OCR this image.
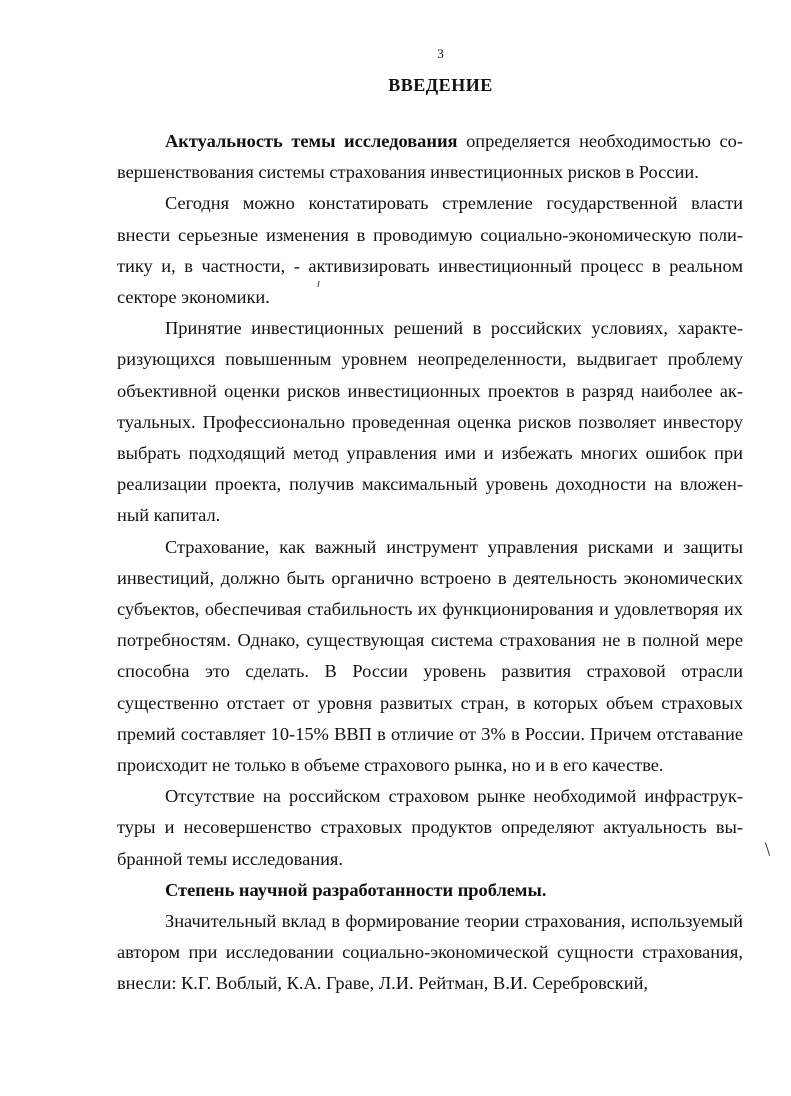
3
ВВЕДЕНИЕ

Актуальность темы исследования определяется необходимостью совершенствования системы страхования инвестиционных рисков в России.

Сегодня можно констатировать стремление государственной власти внести серьезные изменения в проводимую социально-экономическую политику и, в частности, - активизировать инвестиционный процесс в реальном секторе экономики.

Принятие инвестиционных решений в российских условиях, характеризующихся повышенным уровнем неопределенности, выдвигает проблему объективной оценки рисков инвестиционных проектов в разряд наиболее актуальных. Профессионально проведенная оценка рисков позволяет инвестору выбрать подходящий метод управления ими и избежать многих ошибок при реализации проекта, получив максимальный уровень доходности на вложенный капитал.

Страхование, как важный инструмент управления рисками и защиты инвестиций, должно быть органично встроено в деятельность экономических субъектов, обеспечивая стабильность их функционирования и удовлетворяя их потребностям. Однако, существующая система страхования не в полной мере способна это сделать. В России уровень развития страховой отрасли существенно отстает от уровня развитых стран, в которых объем страховых премий составляет 10-15% ВВП в отличие от 3% в России. Причем отставание происходит не только в объеме страхового рынка, но и в его качестве.

Отсутствие на российском страховом рынке необходимой инфраструктуры и несовершенство страховых продуктов определяют актуальность выбранной темы исследования.

Степень научной разработанности проблемы.

Значительный вклад в формирование теории страхования, используемый автором при исследовании социально-экономической сущности страхования, внесли: К.Г. Воблый, К.А. Граве, Л.И. Рейтман, В.И. Серебровский,
